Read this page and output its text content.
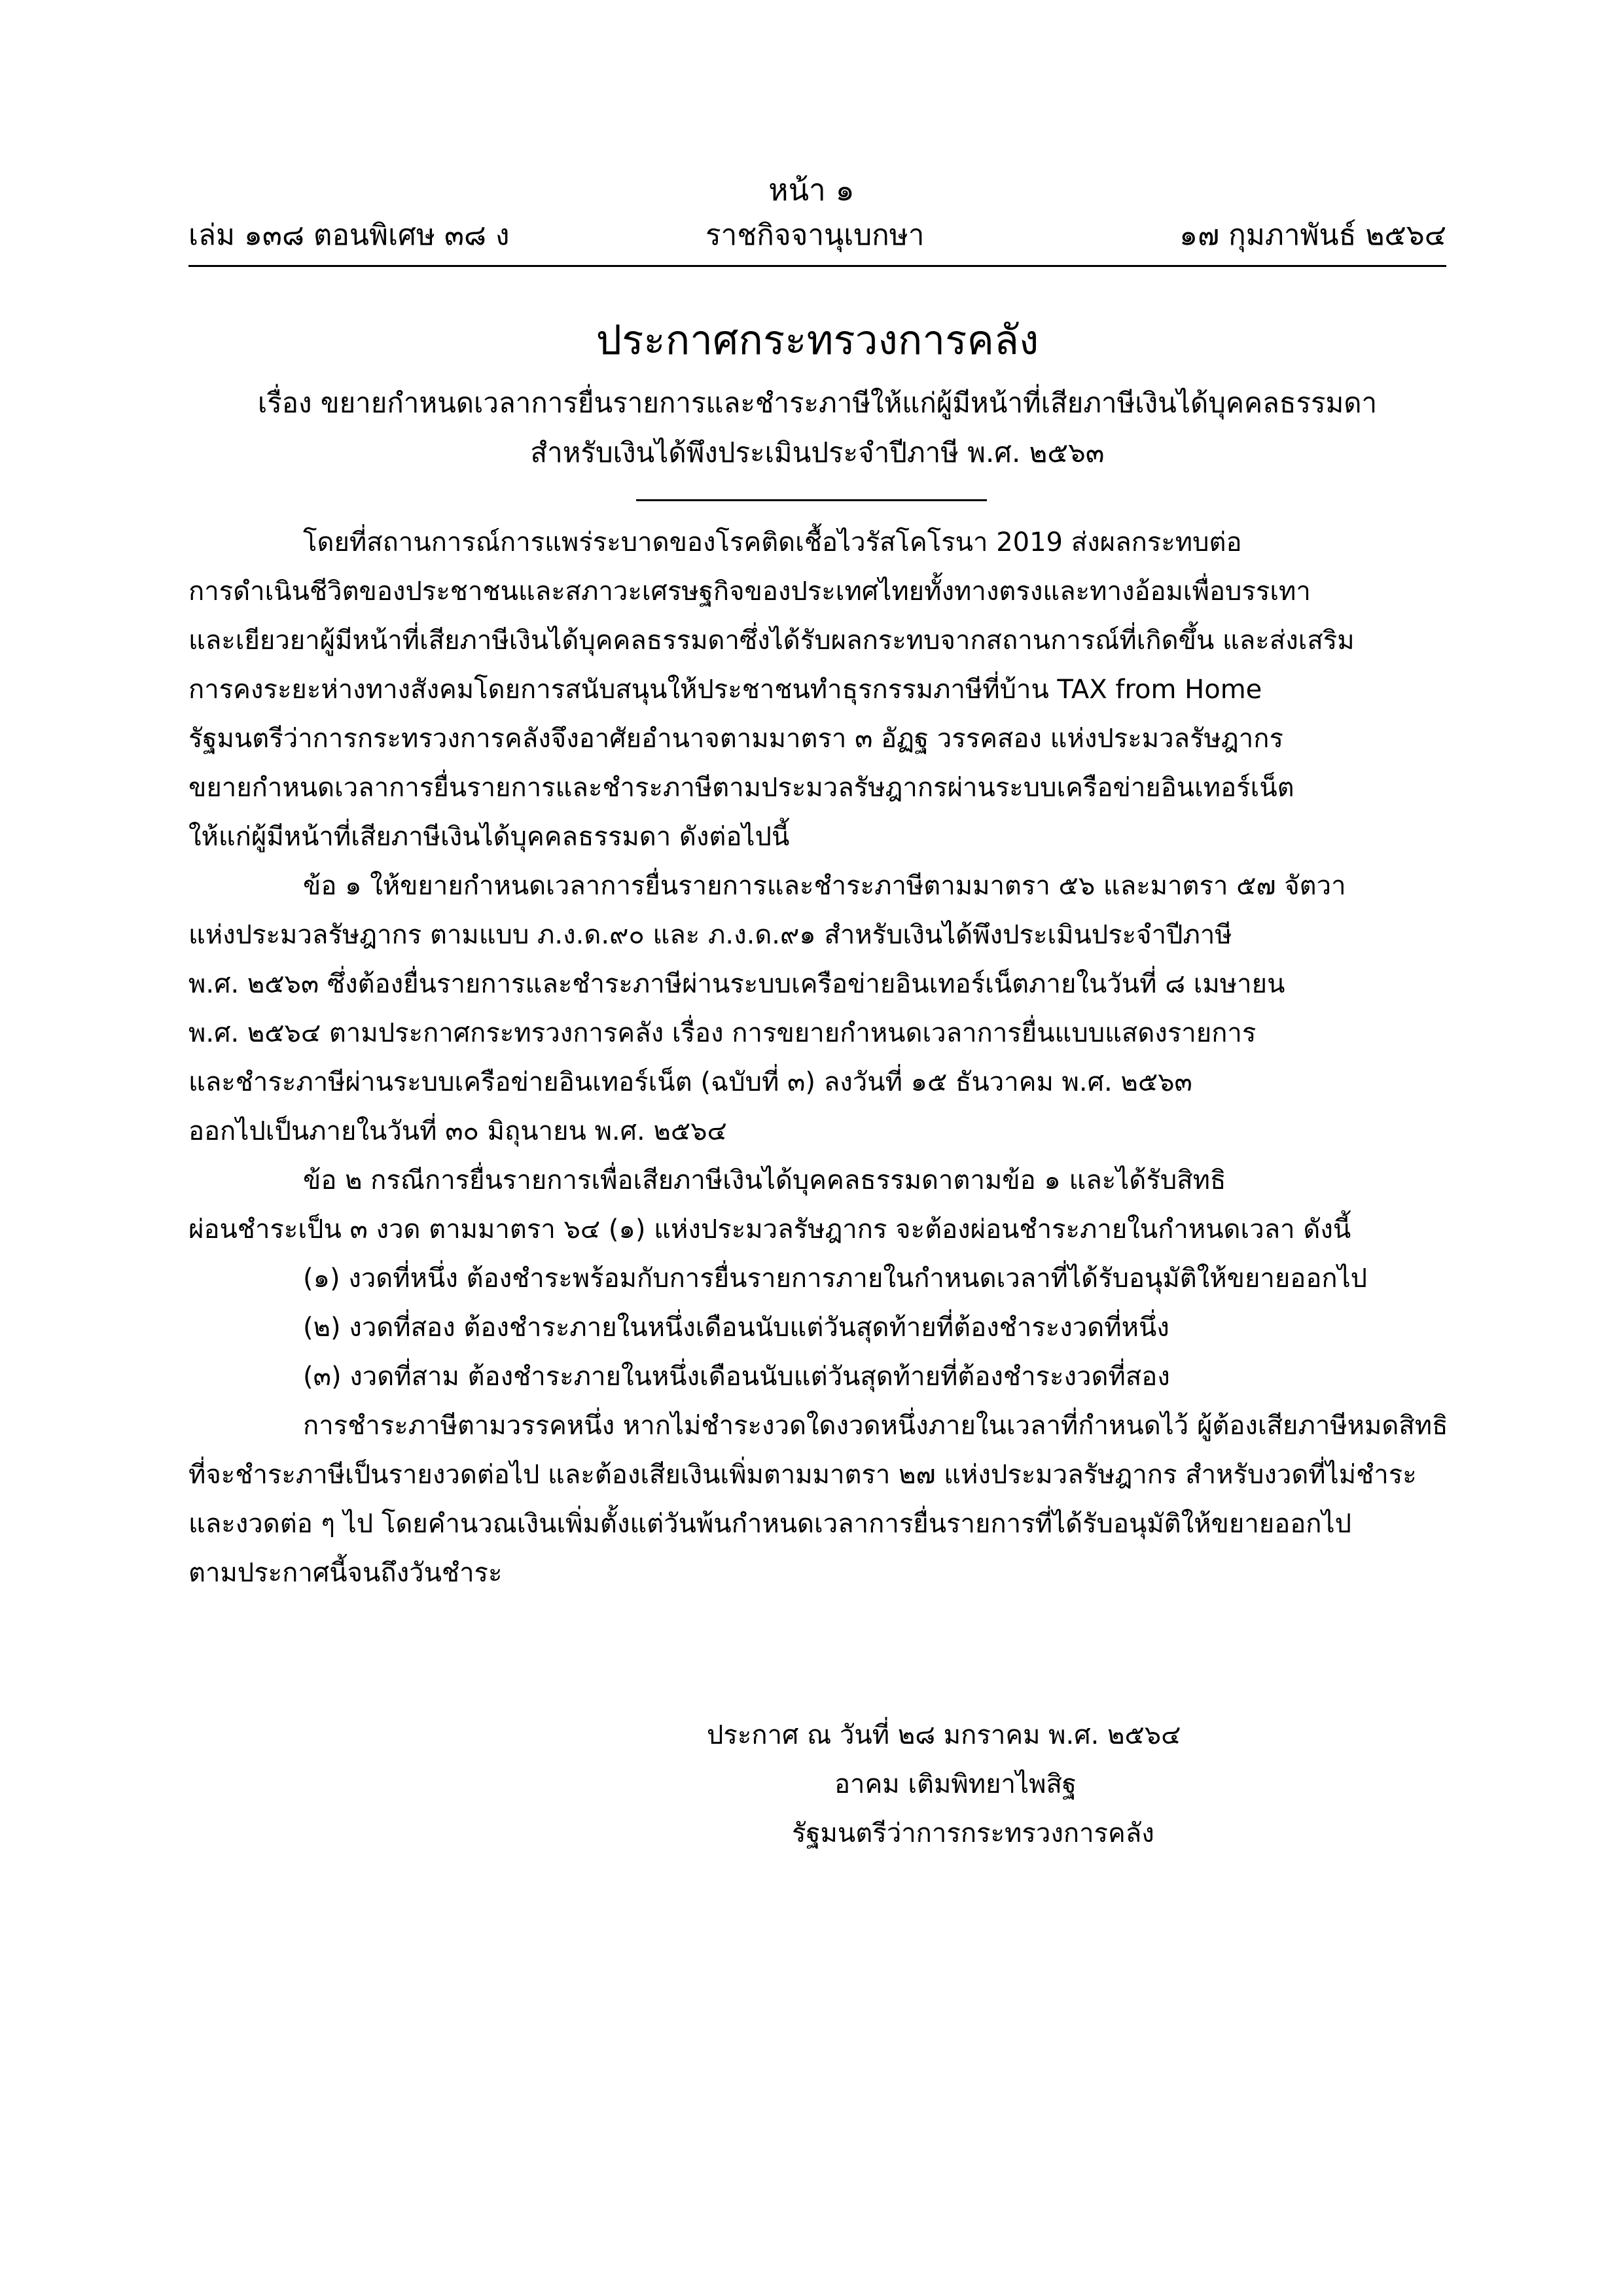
หน้า ๑
เล่ม ๑๓๘ ตอนพิเศษ ๓๘ ง	ราชกิจจานุเบกษา	๑๗ กุมภาพันธ์ ๒๕๖๔
ประกาศกระทรวงการคลัง
เรื่อง ขยายกำหนดเวลาการยื่นรายการและชำระภาษีให้แก่ผู้มีหน้าที่เสียภาษีเงินได้บุคคลธรรมดา
สำหรับเงินได้พึงประเมินประจำปีภาษี พ.ศ. ๒๕๖๓
โดยที่สถานการณ์การแพร่ระบาดของโรคติดเชื้อไวรัสโคโรนา 2019 ส่งผลกระทบต่อ
การดำเนินชีวิตของประชาชนและสภาวะเศรษฐกิจของประเทศไทยทั้งทางตรงและทางอ้อมเพื่อบรรเทา
และเยียวยาผู้มีหน้าที่เสียภาษีเงินได้บุคคลธรรมดาซึ่งได้รับผลกระทบจากสถานการณ์ที่เกิดขึ้น และส่งเสริม
การคงระยะห่างทางสังคมโดยการสนับสนุนให้ประชาชนทำธุรกรรมภาษีที่บ้าน TAX from Home
รัฐมนตรีว่าการกระทรวงการคลังจึงอาศัยอำนาจตามมาตรา ๓ อัฏฐ วรรคสอง แห่งประมวลรัษฎากร
ขยายกำหนดเวลาการยื่นรายการและชำระภาษีตามประมวลรัษฎากรผ่านระบบเครือข่ายอินเทอร์เน็ต
ให้แก่ผู้มีหน้าที่เสียภาษีเงินได้บุคคลธรรมดา ดังต่อไปนี้
ข้อ ๑ ให้ขยายกำหนดเวลาการยื่นรายการและชำระภาษีตามมาตรา ๕๖ และมาตรา ๕๗ จัตวา
แห่งประมวลรัษฎากร ตามแบบ ภ.ง.ด.๙๐ และ ภ.ง.ด.๙๑ สำหรับเงินได้พึงประเมินประจำปีภาษี
พ.ศ. ๒๕๖๓ ซึ่งต้องยื่นรายการและชำระภาษีผ่านระบบเครือข่ายอินเทอร์เน็ตภายในวันที่ ๘ เมษายน
พ.ศ. ๒๕๖๔ ตามประกาศกระทรวงการคลัง เรื่อง การขยายกำหนดเวลาการยื่นแบบแสดงรายการ
และชำระภาษีผ่านระบบเครือข่ายอินเทอร์เน็ต (ฉบับที่ ๓) ลงวันที่ ๑๕ ธันวาคม พ.ศ. ๒๕๖๓
ออกไปเป็นภายในวันที่ ๓๐ มิถุนายน พ.ศ. ๒๕๖๔
ข้อ ๒ กรณีการยื่นรายการเพื่อเสียภาษีเงินได้บุคคลธรรมดาตามข้อ ๑ และได้รับสิทธิ
ผ่อนชำระเป็น ๓ งวด ตามมาตรา ๖๔ (๑) แห่งประมวลรัษฎากร จะต้องผ่อนชำระภายในกำหนดเวลา ดังนี้
(๑) งวดที่หนึ่ง ต้องชำระพร้อมกับการยื่นรายการภายในกำหนดเวลาที่ได้รับอนุมัติให้ขยายออกไป
(๒) งวดที่สอง ต้องชำระภายในหนึ่งเดือนนับแต่วันสุดท้ายที่ต้องชำระงวดที่หนึ่ง
(๓) งวดที่สาม ต้องชำระภายในหนึ่งเดือนนับแต่วันสุดท้ายที่ต้องชำระงวดที่สอง
การชำระภาษีตามวรรคหนึ่ง หากไม่ชำระงวดใดงวดหนึ่งภายในเวลาที่กำหนดไว้ ผู้ต้องเสียภาษีหมดสิทธิ
ที่จะชำระภาษีเป็นรายงวดต่อไป และต้องเสียเงินเพิ่มตามมาตรา ๒๗ แห่งประมวลรัษฎากร สำหรับงวดที่ไม่ชำระ
และงวดต่อ ๆ ไป โดยคำนวณเงินเพิ่มตั้งแต่วันพ้นกำหนดเวลาการยื่นรายการที่ได้รับอนุมัติให้ขยายออกไป
ตามประกาศนี้จนถึงวันชำระ
ประกาศ ณ วันที่ ๒๘ มกราคม พ.ศ. ๒๕๖๔
อาคม เติมพิทยาไพสิฐ
รัฐมนตรีว่าการกระทรวงการคลัง
